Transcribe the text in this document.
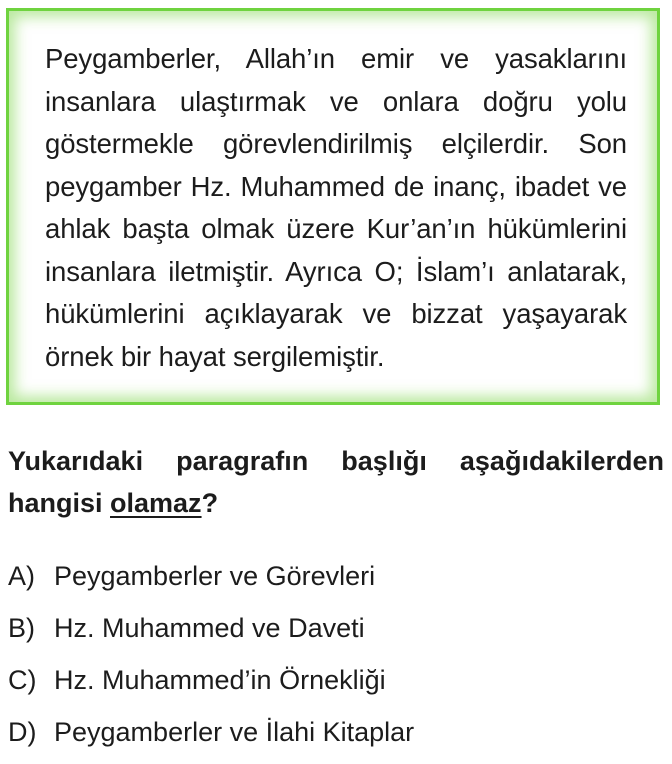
Peygamberler, Allah’ın emir ve yasaklarını insanlara ulaştırmak ve onlara doğru yolu göstermekle görevlendirilmiş elçilerdir. Son peygamber Hz. Muhammed de inanç, ibadet ve ahlak başta olmak üzere Kur’an’ın hükümlerini insanlara iletmiştir. Ayrıca O; İslam’ı anlatarak, hükümlerini açıklayarak ve bizzat yaşayarak örnek bir hayat sergilemiştir.

Yukarıdaki paragrafın başlığı aşağıdakilerden hangisi olamaz?

A) Peygamberler ve Görevleri
B) Hz. Muhammed ve Daveti
C) Hz. Muhammed’in Örnekliği
D) Peygamberler ve İlahi Kitaplar
